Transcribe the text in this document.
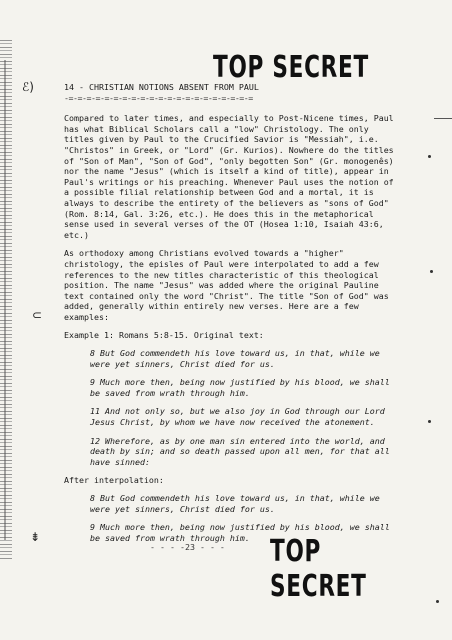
ℰ)
⊂
⇟
TOP SECRET
14 - CHRISTIAN NOTIONS ABSENT FROM PAUL
-=-=-=-=-=-=-=-=-=-=-=-=-=-=-=-=-=-=-=-=-=

Compared to later times, and especially to Post-Nicene times, Paul has what Biblical Scholars call a "low" Christology. The only titles given by Paul to the Crucified Savior is "Messiah", i.e. "Christos" in Greek, or "Lord" (Gr. Kurios). Nowhere do the titles of "Son of Man", "Son of God", "only begotten Son" (Gr. monogenês) nor the name "Jesus" (which is itself a kind of title), appear in Paul's writings or his preaching. Whenever Paul uses the notion of a possible filial relationship between God and a mortal, it is always to describe the entirety of the believers as "sons of God" (Rom. 8:14, Gal. 3:26, etc.). He does this in the metaphorical sense used in several verses of the OT (Hosea 1:10, Isaiah 43:6, etc.)

As orthodoxy among Christians evolved towards a "higher" christology, the episles of Paul were interpolated to add a few references to the new titles characteristic of this theological position. The name "Jesus" was added where the original Pauline text contained only the word "Christ". The title "Son of God" was added, generally within entirely new verses. Here are a few examples:

Example 1: Romans 5:8-15. Original text:
8 But God commendeth his love toward us, in that, while we were yet sinners, Christ died for us.
9 Much more then, being now justified by his blood, we shall be saved from wrath through him.
11 And not only so, but we also joy in God through our Lord Jesus Christ, by whom we have now received the atonement.
12 Wherefore, as by one man sin entered into the world, and death by sin; and so death passed upon all men, for that all have sinned:
After interpolation:
8 But God commendeth his love toward us, in that, while we were yet sinners, Christ died for us.
9 Much more then, being now justified by his blood, we shall be saved from wrath through him.
- - - -23 - - - TOP SECRET
